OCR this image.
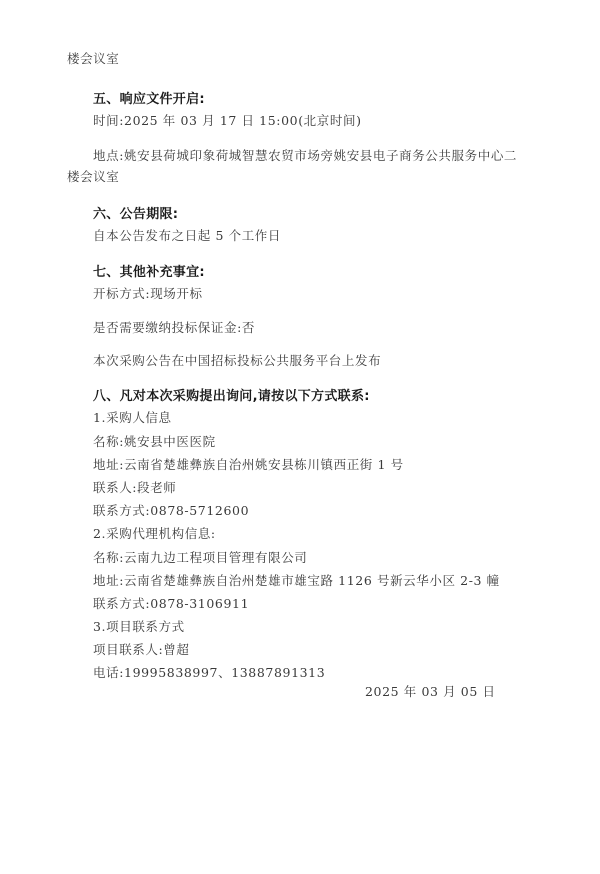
楼会议室
五、响应文件开启:
时间:2025 年 03 月 17 日 15:00(北京时间)
地点:姚安县荷城印象荷城智慧农贸市场旁姚安县电子商务公共服务中心二
楼会议室
六、公告期限:
自本公告发布之日起 5 个工作日
七、其他补充事宜:
开标方式:现场开标
是否需要缴纳投标保证金:否
本次采购公告在中国招标投标公共服务平台上发布
八、凡对本次采购提出询问,请按以下方式联系:
1.采购人信息
名称:姚安县中医医院
地址:云南省楚雄彝族自治州姚安县栋川镇西正街 1 号
联系人:段老师
联系方式:0878-5712600
2.采购代理机构信息:
名称:云南九边工程项目管理有限公司
地址:云南省楚雄彝族自治州楚雄市雄宝路 1126 号新云华小区 2-3 幢
联系方式:0878-3106911
3.项目联系方式
项目联系人:曾超
电话:19995838997、13887891313
2025 年 03 月 05 日
